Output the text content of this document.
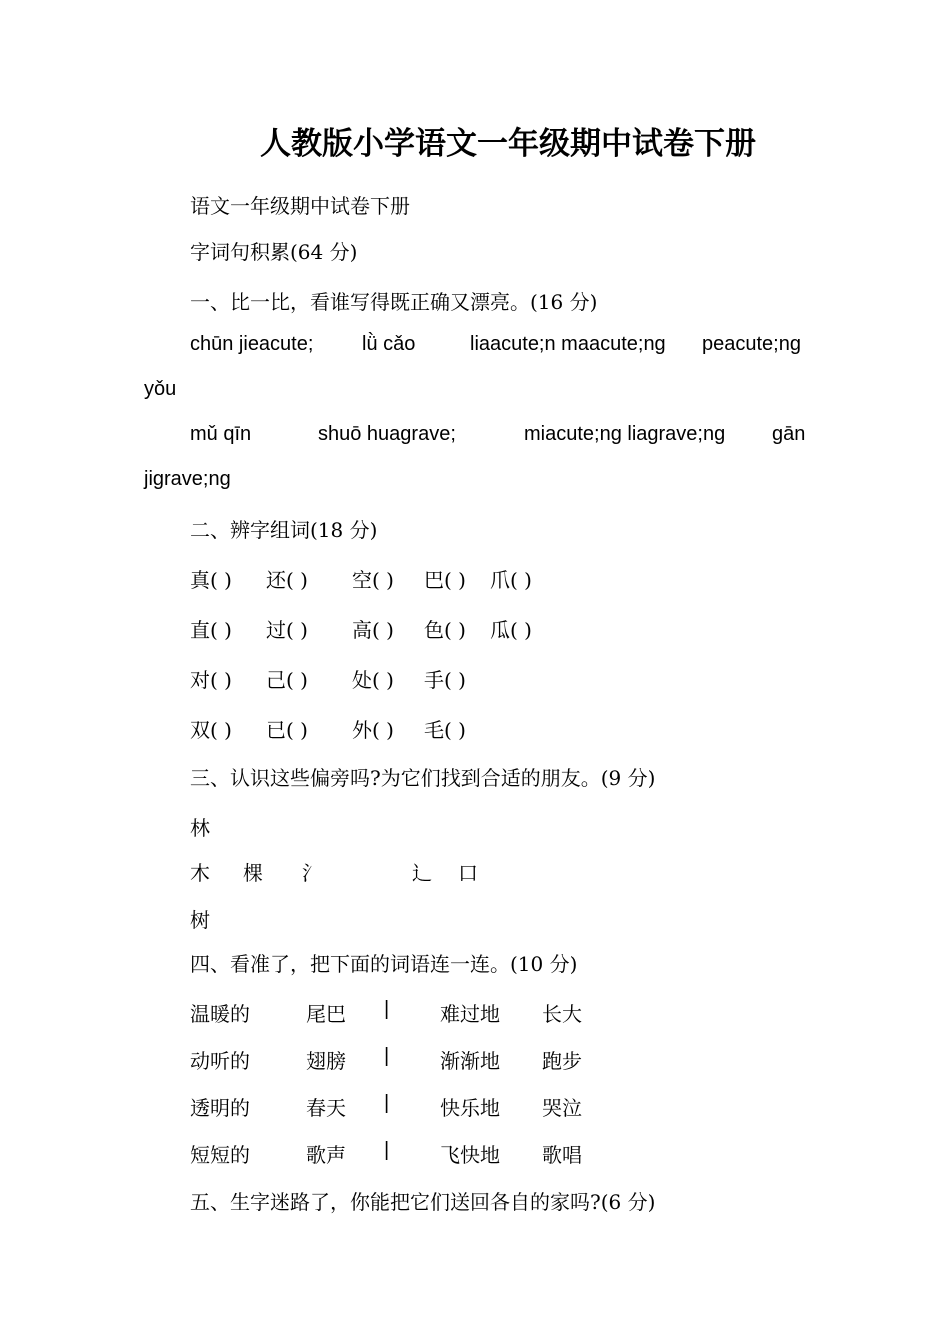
人教版小学语文一年级期中试卷下册
语文一年级期中试卷下册
字词句积累(64 分)
一、比一比，看谁写得既正确又漂亮。(16 分)
chūn jieacute; lǜ cǎo	liaacute;n maacute;ng peacute;ng
yǒu
mǔ qīn	shuō huagrave;	miacute;ng liagrave;ng gān
jigrave;ng
二、辨字组词(18 分)
真( ) 还( ) 空( ) 巴( ) 爪( )
直( ) 过( ) 高( ) 色( ) 瓜( )
对( ) 己( ) 处( ) 手( )
双( ) 已( ) 外( ) 毛( )
三、认识这些偏旁吗?为它们找到合适的朋友。(9 分)
林
木 棵 氵	辶 口
树
四、看准了，把下面的词语连一连。(10 分)
温暖的	尾巴 |	难过地 长大
动听的	翅膀 |	渐渐地 跑步
透明的	春天 |	快乐地 哭泣
短短的	歌声 |	飞快地 歌唱
五、生字迷路了，你能把它们送回各自的家吗?(6 分)
